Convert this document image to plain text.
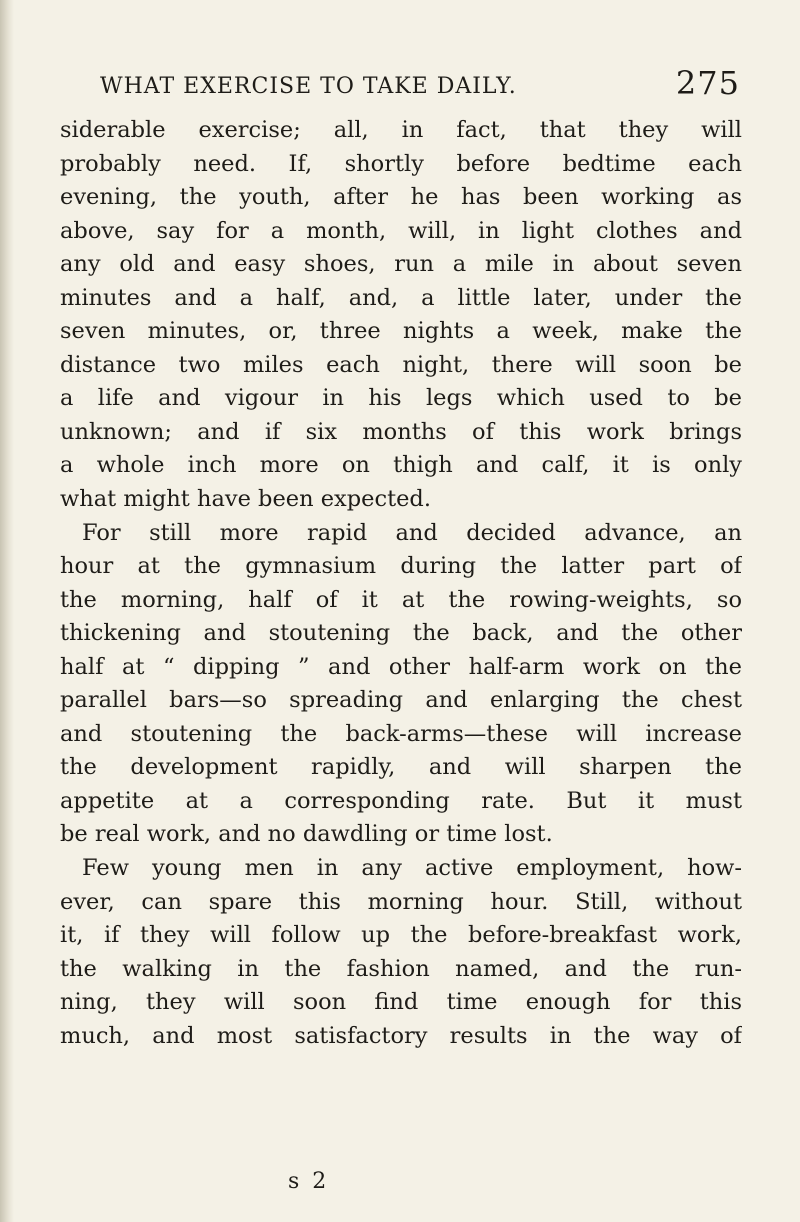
WHAT EXERCISE TO TAKE DAILY.	275
siderable exercise; all, in fact, that they will
probably need. If, shortly before bedtime each
evening, the youth, after he has been working as
above, say for a month, will, in light clothes and
any old and easy shoes, run a mile in about seven
minutes and a half, and, a little later, under the
seven minutes, or, three nights a week, make the
distance two miles each night, there will soon be
a life and vigour in his legs which used to be
unknown; and if six months of this work brings
a whole inch more on thigh and calf, it is only
what might have been expected.
For still more rapid and decided advance, an
hour at the gymnasium during the latter part of
the morning, half of it at the rowing-weights, so
thickening and stoutening the back, and the other
half at “ dipping ” and other half-arm work on the
parallel bars—so spreading and enlarging the chest
and stoutening the back-arms—these will increase
the development rapidly, and will sharpen the
appetite at a corresponding rate. But it must
be real work, and no dawdling or time lost.
Few young men in any active employment, how-
ever, can spare this morning hour. Still, without
it, if they will follow up the before-breakfast work,
the walking in the fashion named, and the run-
ning, they will soon find time enough for this
much, and most satisfactory results in the way of
s 2
